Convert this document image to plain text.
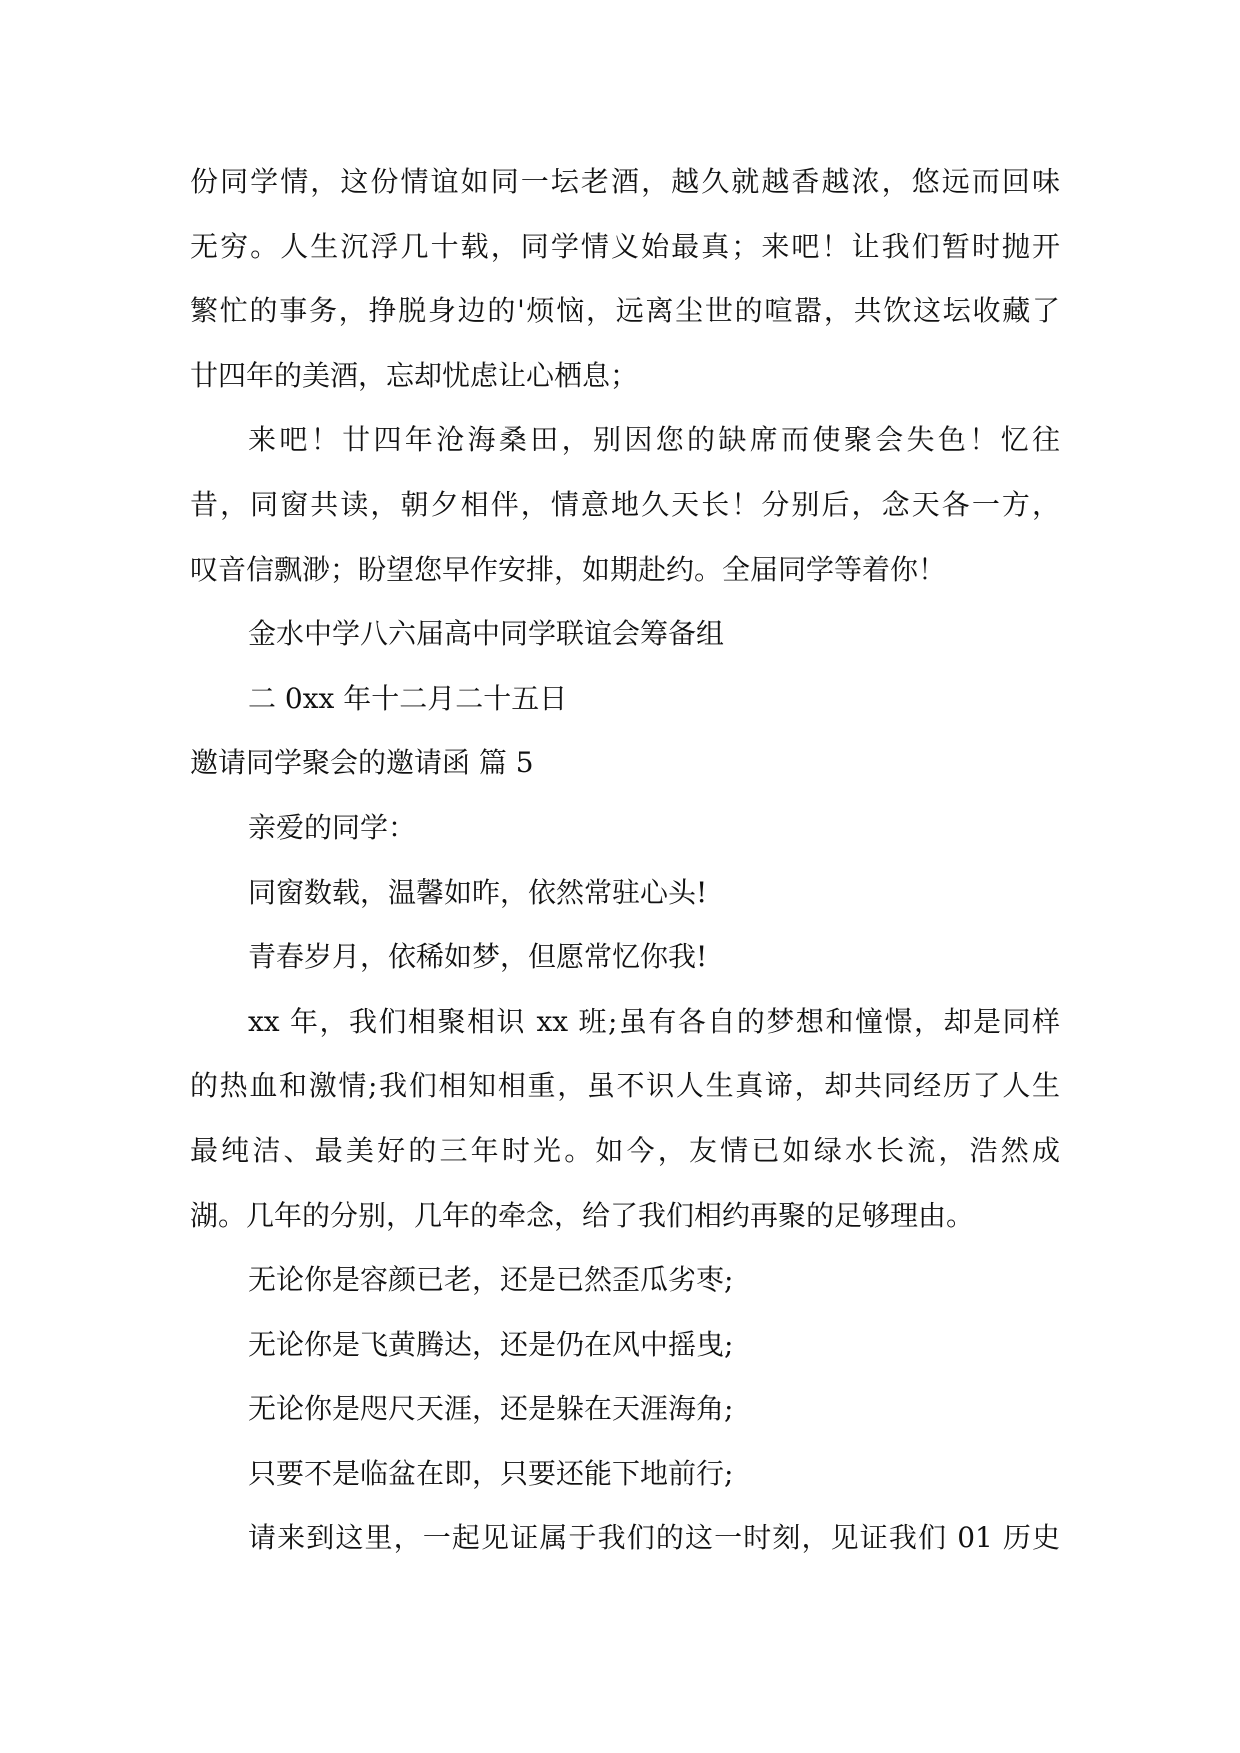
份同学情，这份情谊如同一坛老酒，越久就越香越浓，悠远而回味

无穷。人生沉浮几十载，同学情义始最真；来吧！让我们暂时抛开

繁忙的事务，挣脱身边的'烦恼，远离尘世的喧嚣，共饮这坛收藏了

廿四年的美酒，忘却忧虑让心栖息；

来吧！廿四年沧海桑田，别因您的缺席而使聚会失色！忆往

昔，同窗共读，朝夕相伴，情意地久天长！分别后，念天各一方，

叹音信飘渺；盼望您早作安排，如期赴约。全届同学等着你！

金水中学八六届高中同学联谊会筹备组

二 0xx 年十二月二十五日

邀请同学聚会的邀请函 篇 5

亲爱的同学：

同窗数载，温馨如昨，依然常驻心头!

青春岁月，依稀如梦，但愿常忆你我!

xx 年，我们相聚相识 xx 班;虽有各自的梦想和憧憬，却是同样

的热血和激情;我们相知相重，虽不识人生真谛，却共同经历了人生

最纯洁、最美好的三年时光。如今，友情已如绿水长流，浩然成

湖。几年的分别，几年的牵念，给了我们相约再聚的足够理由。

无论你是容颜已老，还是已然歪瓜劣枣;

无论你是飞黄腾达，还是仍在风中摇曳;

无论你是咫尺天涯，还是躲在天涯海角;

只要不是临盆在即，只要还能下地前行;

请来到这里，一起见证属于我们的这一时刻，见证我们 01 历史
